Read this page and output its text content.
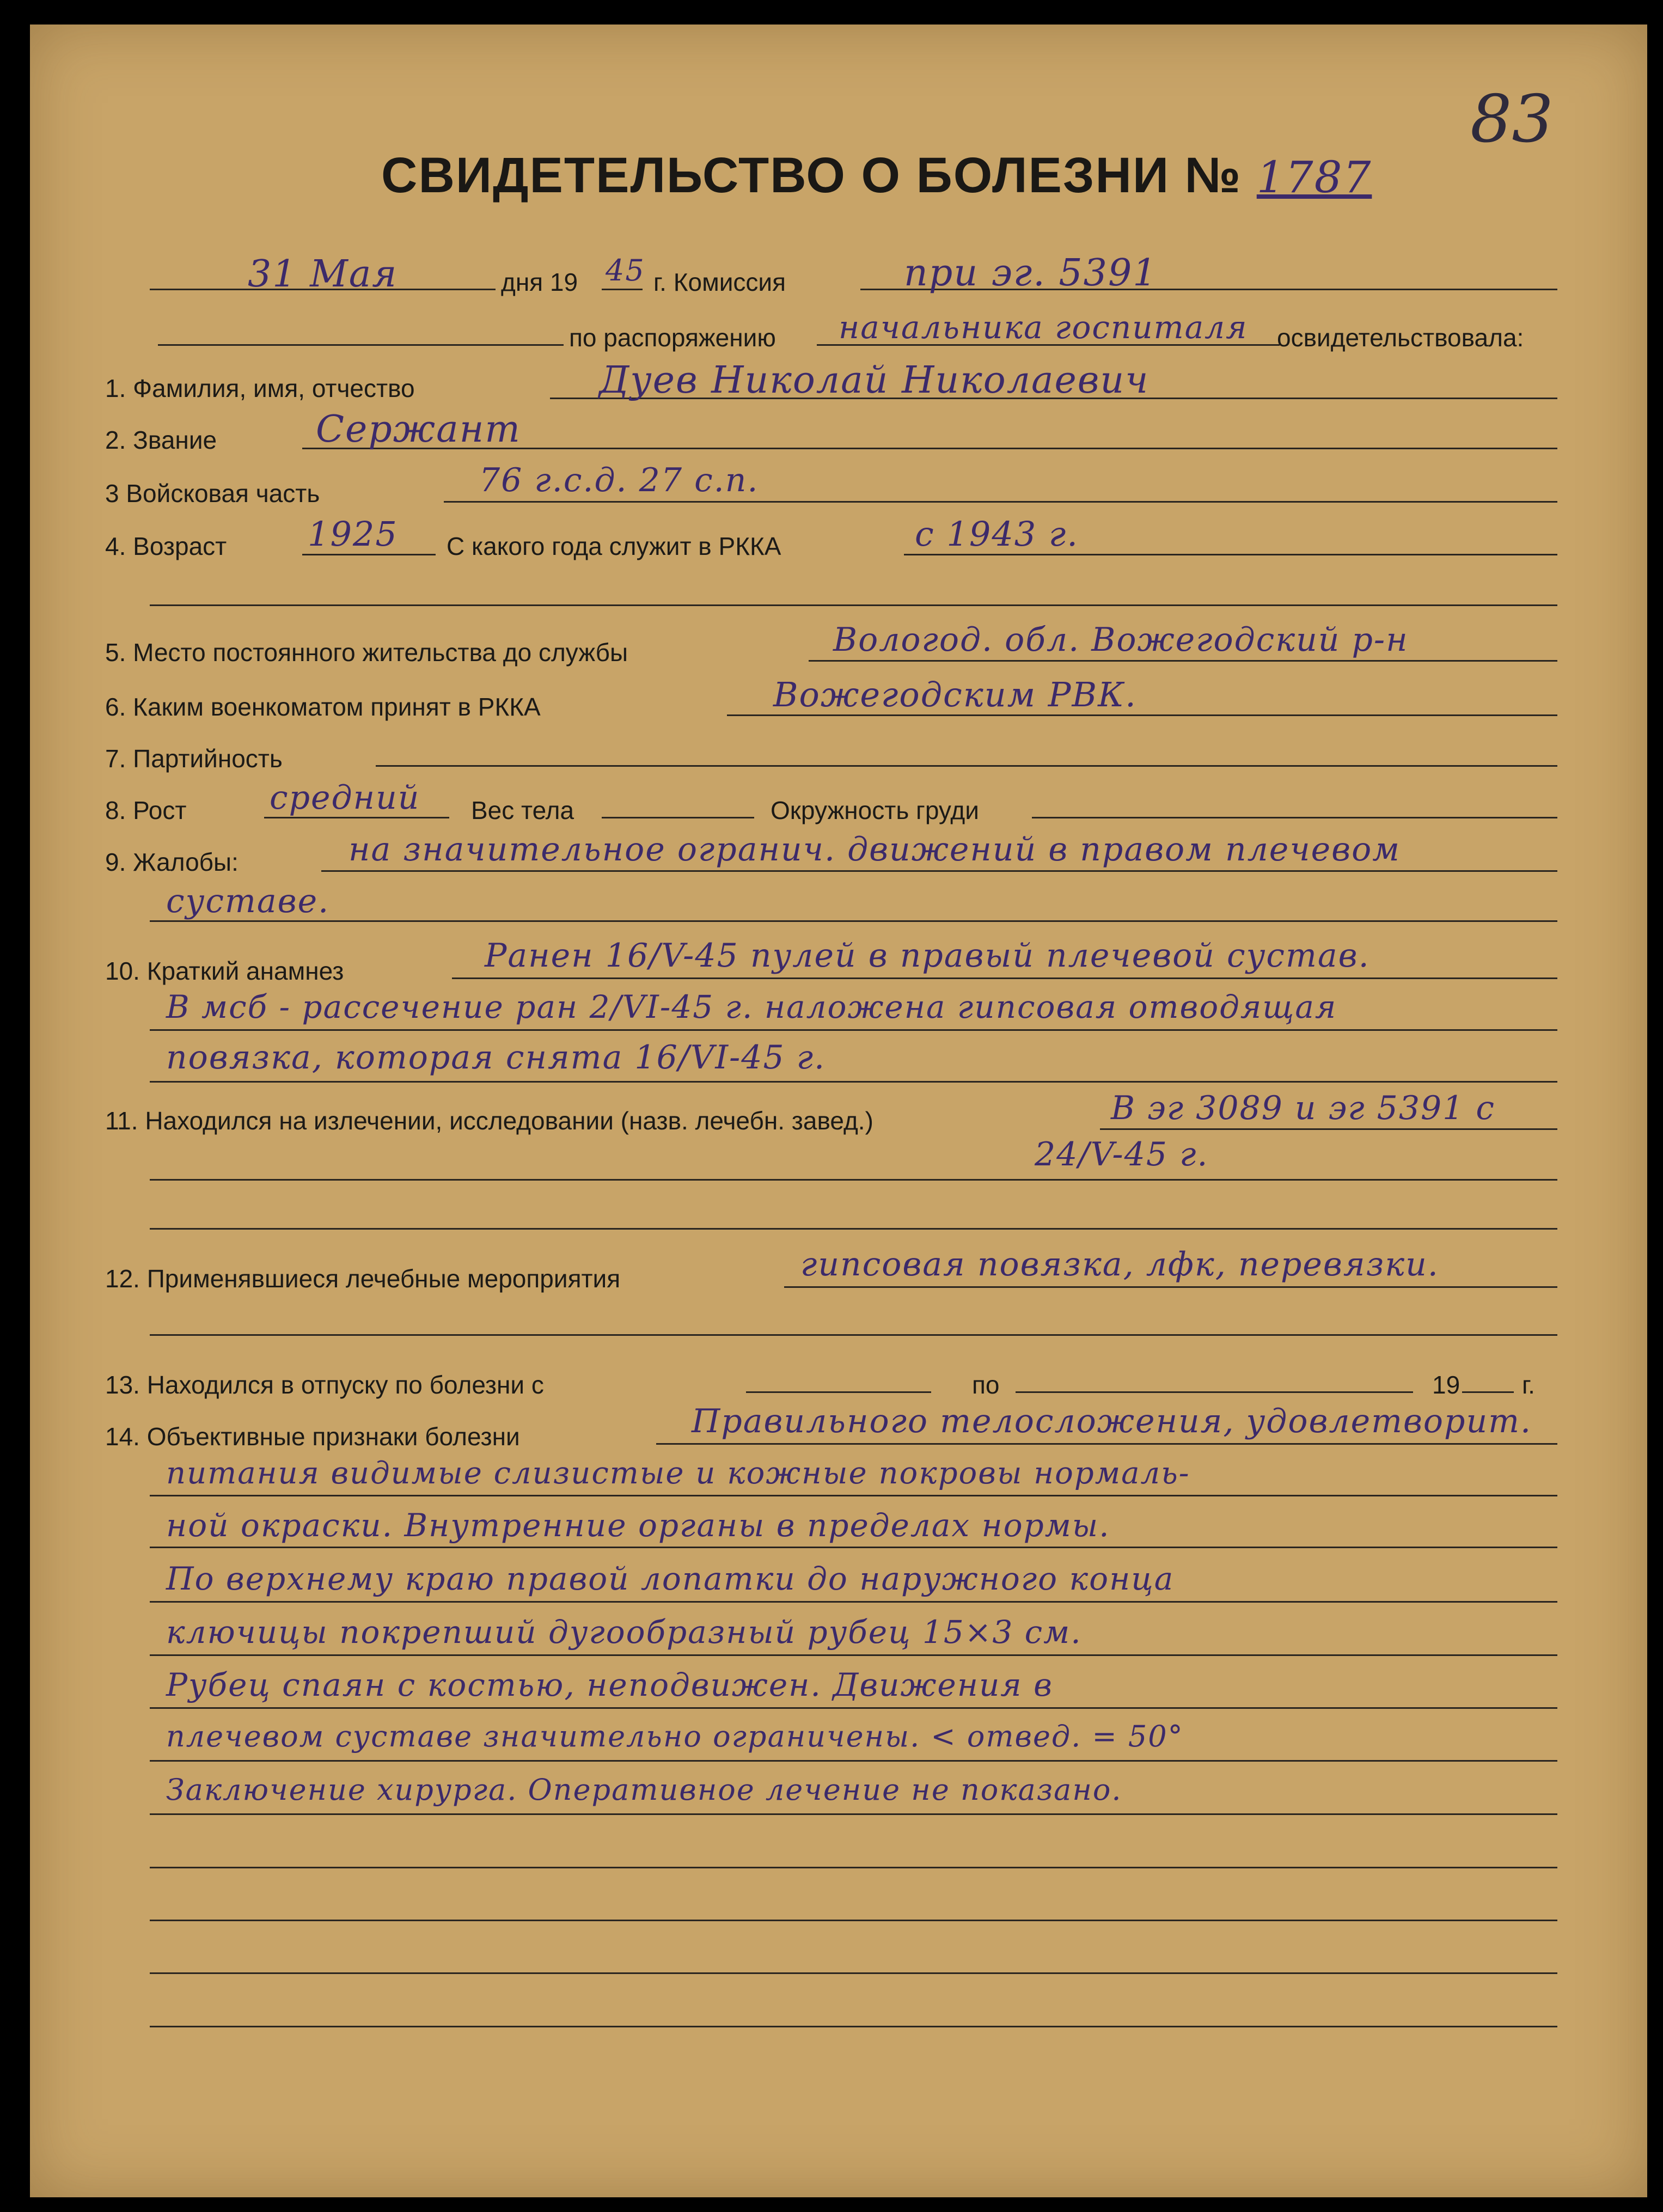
83
СВИДЕТЕЛЬСТВО О БОЛЕЗНИ № 1787
31 Мая	дня 19 45 г. Комиссия	при эг. 5391
по распоряжению начальника госпиталя освидетельствовала:
1. Фамилия, имя, отчество	Дуев Николай Николаевич
2. Звание	Сержант
3 Войсковая часть	76 г.с.д. 27 с.п.
4. Возраст 1925 С какого года служит в РККА	с 1943 г.
5. Место постоянного жительства до службы	Вологод. обл. Вожегодский р-н
6. Каким военкоматом принят в РККА	Вожегодским РВК.
7. Партийность
8. Рост	средний Вес тела	Окружность груди
9. Жалобы:	на значительное огранич. движений в правом плечевом
суставе.
10. Краткий анамнез	Ранен 16/V-45 пулей в правый плечевой сустав.
В мсб - рассечение ран 2/VI-45 г. наложена гипсовая отводящая
повязка, которая снята 16/VI-45 г.
11. Находился на излечении, исследовании (назв. лечебн. завед.)	В эг 3089 и эг 5391 с
24/V-45 г.
12. Применявшиеся лечебные мероприятия	гипсовая повязка, лфк, перевязки.
13. Находился в отпуску по болезни с	по	19 г.
14. Объективные признаки болезни	Правильного телосложения, удовлетворит.
питания видимые слизистые и кожные покровы нормаль-
ной окраски. Внутренние органы в пределах нормы.
По верхнему краю правой лопатки до наружного конца
ключицы покрепший дугообразный рубец 15×3 см.
Рубец спаян с костью, неподвижен. Движения в
плечевом суставе значительно ограничены. < отвед. = 50°
Заключение хирурга. Оперативное лечение не показано.
